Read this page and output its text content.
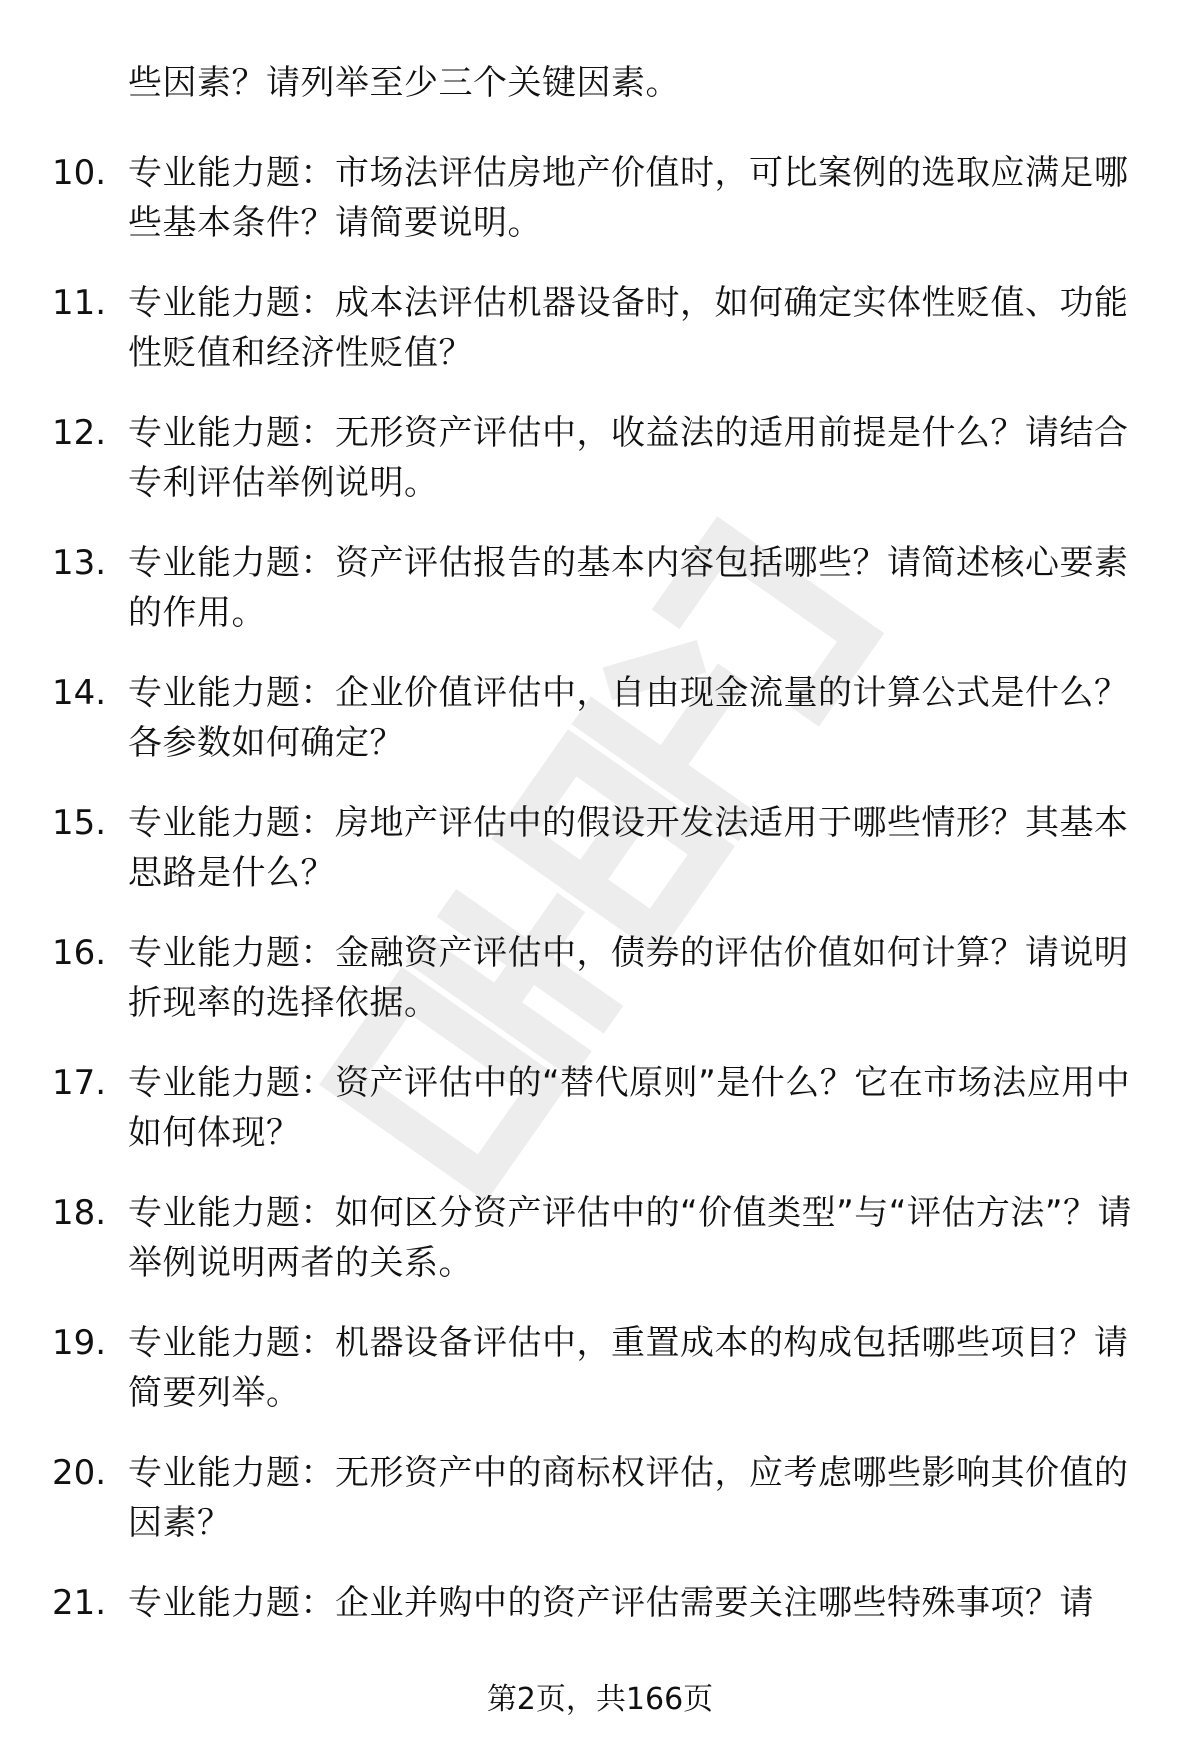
些因素？请列举至少三个关键因素。
10. 专业能力题：市场法评估房地产价值时，可比案例的选取应满足哪些基本条件？请简要说明。
11. 专业能力题：成本法评估机器设备时，如何确定实体性贬值、功能性贬值和经济性贬值？
12. 专业能力题：无形资产评估中，收益法的适用前提是什么？请结合专利评估举例说明。
13. 专业能力题：资产评估报告的基本内容包括哪些？请简述核心要素的作用。
14. 专业能力题：企业价值评估中，自由现金流量的计算公式是什么？各参数如何确定？
15. 专业能力题：房地产评估中的假设开发法适用于哪些情形？其基本思路是什么？
16. 专业能力题：金融资产评估中，债券的评估价值如何计算？请说明折现率的选择依据。
17. 专业能力题：资产评估中的“替代原则”是什么？它在市场法应用中如何体现？
18. 专业能力题：如何区分资产评估中的“价值类型”与“评估方法”？请举例说明两者的关系。
19. 专业能力题：机器设备评估中，重置成本的构成包括哪些项目？请简要列举。
20. 专业能力题：无形资产中的商标权评估，应考虑哪些影响其价值的因素？
21. 专业能力题：企业并购中的资产评估需要关注哪些特殊事项？请
第2页，共166页
